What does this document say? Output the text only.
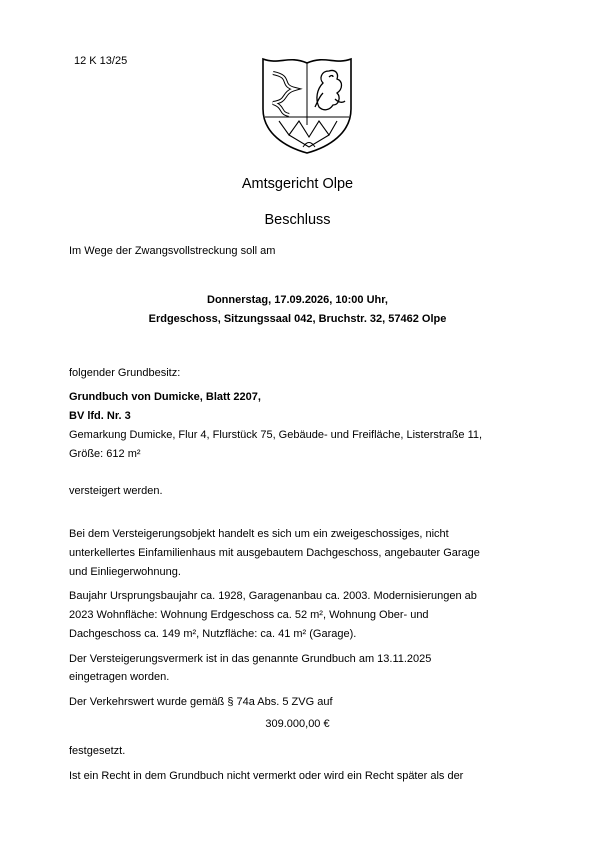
12 K 13/25
Amtsgericht Olpe
Beschluss
Im Wege der Zwangsvollstreckung soll am
Donnerstag, 17.09.2026, 10:00 Uhr,
Erdgeschoss, Sitzungssaal 042, Bruchstr. 32, 57462 Olpe
folgender Grundbesitz:
Grundbuch von Dumicke, Blatt 2207,
BV lfd. Nr. 3
Gemarkung Dumicke, Flur 4, Flurstück 75, Gebäude- und Freifläche, Listerstraße 11,
Größe: 612 m²
versteigert werden.
Bei dem Versteigerungsobjekt handelt es sich um ein zweigeschossiges, nicht
unterkellertes Einfamilienhaus mit ausgebautem Dachgeschoss, angebauter Garage
und Einliegerwohnung.
Baujahr Ursprungsbaujahr ca. 1928, Garagenanbau ca. 2003. Modernisierungen ab
2023 Wohnfläche: Wohnung Erdgeschoss ca. 52 m², Wohnung Ober- und
Dachgeschoss ca. 149 m², Nutzfläche: ca. 41 m² (Garage).
Der Versteigerungsvermerk ist in das genannte Grundbuch am 13.11.2025
eingetragen worden.
Der Verkehrswert wurde gemäß § 74a Abs. 5 ZVG auf
309.000,00 €
festgesetzt.
Ist ein Recht in dem Grundbuch nicht vermerkt oder wird ein Recht später als der
